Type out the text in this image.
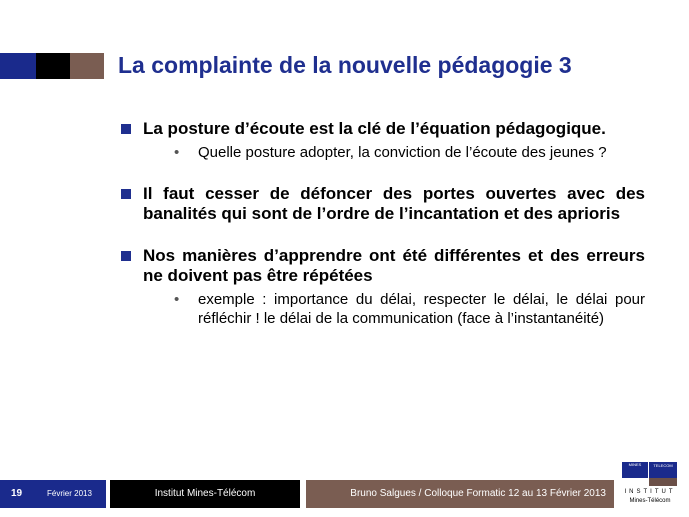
La complainte de la nouvelle pédagogie 3
La posture d’écoute est la clé de l’équation pédagogique.
• Quelle posture adopter, la conviction de l’écoute des jeunes ?
Il faut cesser de défoncer des portes ouvertes avec des banalités qui sont de l’ordre de l’incantation et des aprioris
Nos manières d’apprendre ont été différentes et des erreurs ne doivent pas être répétées
• exemple : importance du délai, respecter le délai, le délai pour réfléchir ! le délai de la communication (face à l’instantanéité)
19	Février 2013	Institut Mines-Télécom	Bruno Salgues / Colloque Formatic 12 au 13 Février 2013
MINES	TELECOM
INSTITUT
Mines-Télécom
